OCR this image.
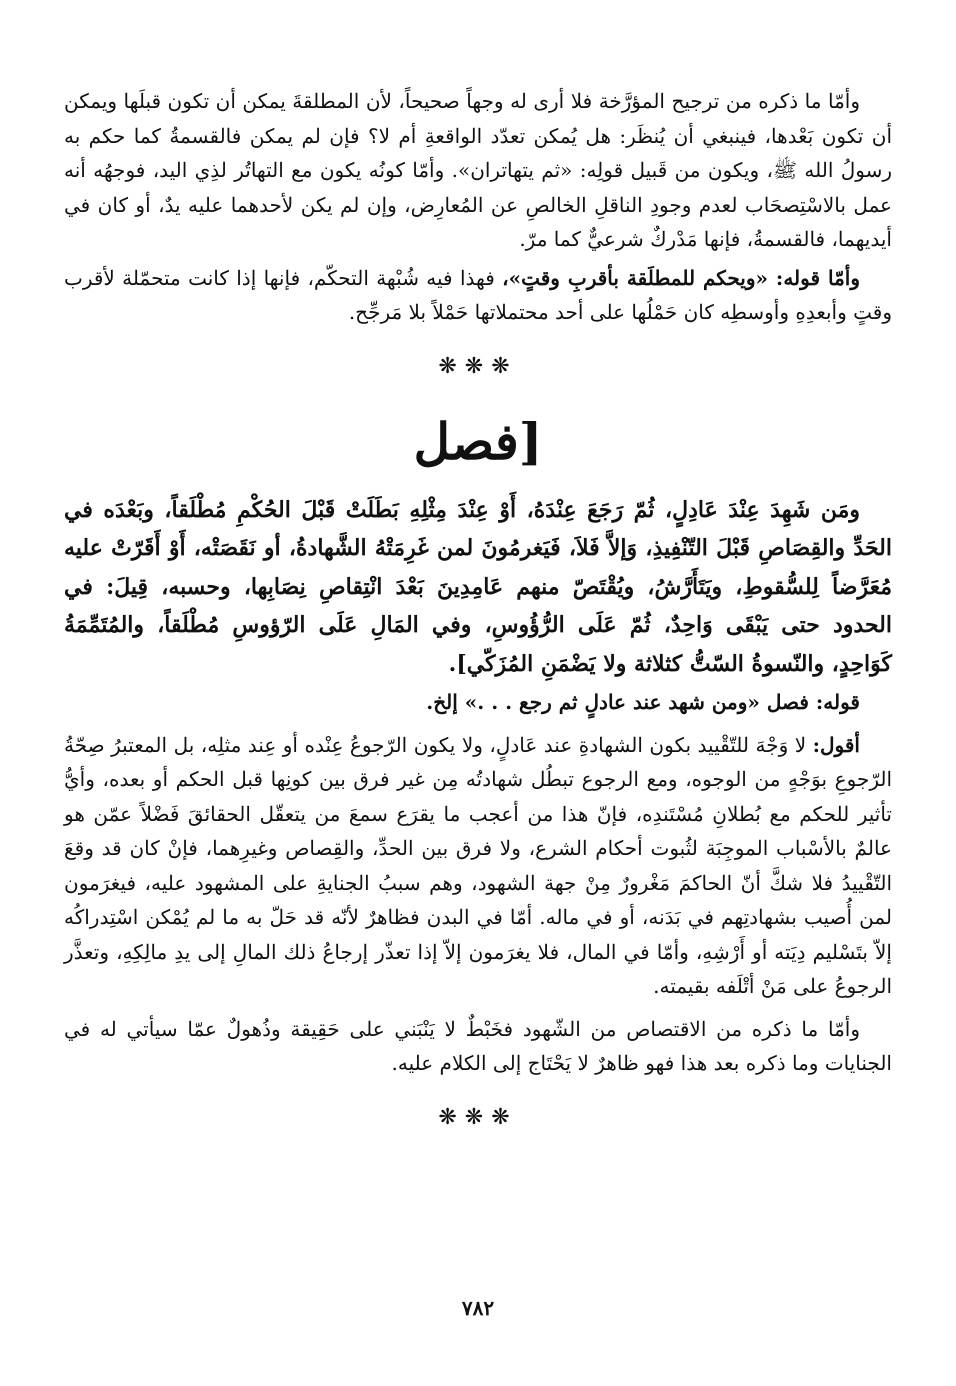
وأمّا ما ذكره من ترجيح المؤرَّخة فلا أرى له وجهاً صحيحاً، لأن المطلقةَ يمكن أن تكون قبلَها ويمكن أن تكون بَعْدها، فينبغي أن يُنظَر: هل يُمكن تعدّد الواقعةِ أم لا؟ فإن لم يمكن فالقسمةُ كما حكم به رسولُ الله ﷺ، ويكون من قَبيل قولِه: «ثم يتهاتران». وأمّا كونُه يكون مع التهاتُر لذِي اليد، فوجهُه أنه عمل بالاسْتِصحَاب لعدم وجودِ الناقلِ الخالصِ عن المُعارِض، وإن لم يكن لأحدهما عليه يدٌ، أو كان في أيديهما، فالقسمةُ، فإنها مَدْركٌ شرعيٌّ كما مرّ.

وأمّا قوله: «ويحكم للمطلَقة بأقربِ وقتٍ»، فهذا فيه شُبْهة التحكّم، فإنها إذا كانت متحمّلة لأقرب وقتٍ وأبعدِهِ وأوسطِه كان حَمْلُها على أحد محتملاتها حَمْلاً بلا مَرجِّح.

❋❋❋

[فصل

ومَن شَهِدَ عِنْدَ عَادِلٍ، ثُمّ رَجَعَ عِنْدَهُ، أَوْ عِنْدَ مِثْلِهِ بَطَلَتْ قَبْلَ الحُكْمِ مُطْلَقاً، وبَعْدَه في الحَدِّ والقِصَاصِ قَبْلَ التّنْفِيذِ، وَإلاَّ فَلاَ، فَيَغرمُونَ لمن غَرِمَتْهُ الشَّهادةُ، أو نَقَصَتْه، أَوْ أَقَرّتْ عليه مُعَرَّضاً لِلسُّقوطِ، ويَتَأَرَّشُ، ويُقْتَصّ منهم عَامِدِينَ بَعْدَ انْتِقاصِ نِصَابِها، وحسبه، قِيلَ: في الحدود حتى يَبْقَى وَاحِدٌ، ثُمّ عَلَى الرُّؤُوسِ، وفي المَالِ عَلَى الرّؤوسِ مُطْلَقاً، والمُتَمِّمَةُ كَوَاحِدٍ، والنّسوةُ السّتُّ كثلاثة ولا يَضْمَنِ المُزَكّي].

قوله: فصل «ومن شهد عند عادلٍ ثم رجع . . .» إلخ.

أقول: لا وَجْهَ للتّقْييد بكون الشهادةِ عند عَادلٍ، ولا يكون الرّجوعُ عِنْده أو عِند مثلِه، بل المعتبرُ صِحّةُ الرّجوعِ بوَجْهٍ من الوجوه، ومع الرجوع تبطُل شهادتُه مِن غير فرق بين كونِها قبل الحكم أو بعده، وأيُّ تأثير للحكم مع بُطلانِ مُسْتَندِه، فإنّ هذا من أعجب ما يقرَع سمعَ من يتعقّل الحقائقَ فَضْلاً عمّن هو عالمٌ بالأسْباب الموجِبَة لثُبوت أحكام الشرع، ولا فرق بين الحدِّ، والقِصاص وغيرِهما، فإنْ كان قد وقعَ التّقْييدُ فلا شكَّ أنّ الحاكمَ مَغْرورٌ مِنْ جهة الشهود، وهم سببُ الجنايةِ على المشهود عليه، فيغرَمون لمن أُصيب بشهادتِهم في بَدَنه، أو في ماله. أمّا في البدن فظاهرٌ لأنّه قد حَلّ به ما لم يُمْكن اسْتِدراكُه إلاّ بتَسْليم دِيَته أو أَرْشِهِ، وأمّا في المال، فلا يغرَمون إلاّ إذا تعذّر إرجاعُ ذلك المالِ إلى يدِ مالِكِهِ، وتعذَّر الرجوعُ على مَنْ أتْلَفه بقيمته.

وأمّا ما ذكره من الاقتصاص من الشّهود فخَبْطٌ لا يَنْبَني على حَقِيقة وذُهولٌ عمّا سيأتي له في الجنايات وما ذكره بعد هذا فهو ظاهرٌ لا يَحْتَاج إلى الكلام عليه.

❋❋❋

٧٨٢
